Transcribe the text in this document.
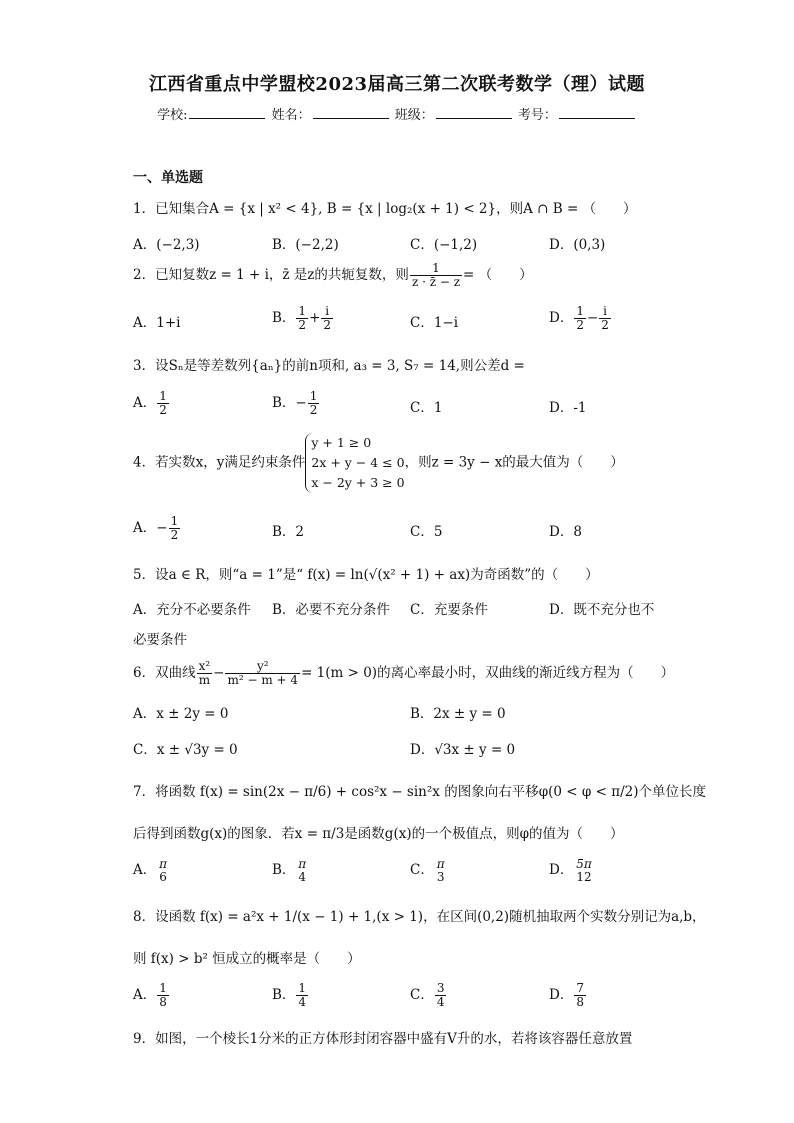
江西省重点中学盟校2023届高三第二次联考数学（理）试题
学校:	姓名：	班级：	考号：
一、单选题
1．已知集合A = {x | x² < 4}, B = {x | log₂(x + 1) < 2}，则A ∩ B = （　　）
A．(−2,3)	B．(−2,2)	C．(−1,2)	D．(0,3)
2．已知复数z = 1 + i，z̄ 是z的共轭复数，则 $\frac{1}{z \cdot z̄ - z}$ = （　　）
A．1+i	B． $\frac{1}{2} + \frac{i}{2}$	C．1−i	D． $\frac{1}{2} - \frac{i}{2}$
3．设Sₙ是等差数列{aₙ}的前n项和, a₃ = 3, S₇ = 14,则公差d =
A． $\frac{1}{2}$	B．− $\frac{1}{2}$	C．1	D．-1
4．若实数x，y满足约束条件
y + 1 ≥ 0
2x + y − 4 ≤ 0
x − 2y + 3 ≥ 0
，则z = 3y − x的最大值为（　　）
A．− $\frac{1}{2}$	B．2	C．5	D．8
5．设a ∈ R，则“a = 1”是“ f(x) = ln(√(x² + 1) + ax)为奇函数”的（　　）
A．充分不必要条件 B．必要不充分条件 C．充要条件	D．既不充分也不
必要条件
6．双曲线 $\frac{\text{x²}}{m} - \frac{\text{y²}}{\text{m² − m + 4}} = 1(m > 0)$的离心率最小时，双曲线的渐近线方程为（　　）
A．x ± 2y = 0	B．2x ± y = 0
C．x ± √3y = 0	D．√3x ± y = 0
7．将函数 f(x) = sin(2x − π/6) + cos²x − sin²x 的图象向右平移φ(0 < φ < π/2)个单位长度
后得到函数g(x)的图象．若x = π/3是函数g(x)的一个极值点，则φ的值为（　　）
A． π
6	B． π
4	C． π
3	D． 5π
12
8．设函数 f(x) = a²x + 1/(x − 1) + 1,(x > 1)，在区间(0,2)随机抽取两个实数分别记为a,b，
则 f(x) > b² 恒成立的概率是（　　）
A． $\frac{1}{8}$	B． $\frac{1}{4}$	C． $\frac{3}{4}$	D． $\frac{7}{8}$
9．如图，一个棱长1分米的正方体形封闭容器中盛有V升的水，若将该容器任意放置
